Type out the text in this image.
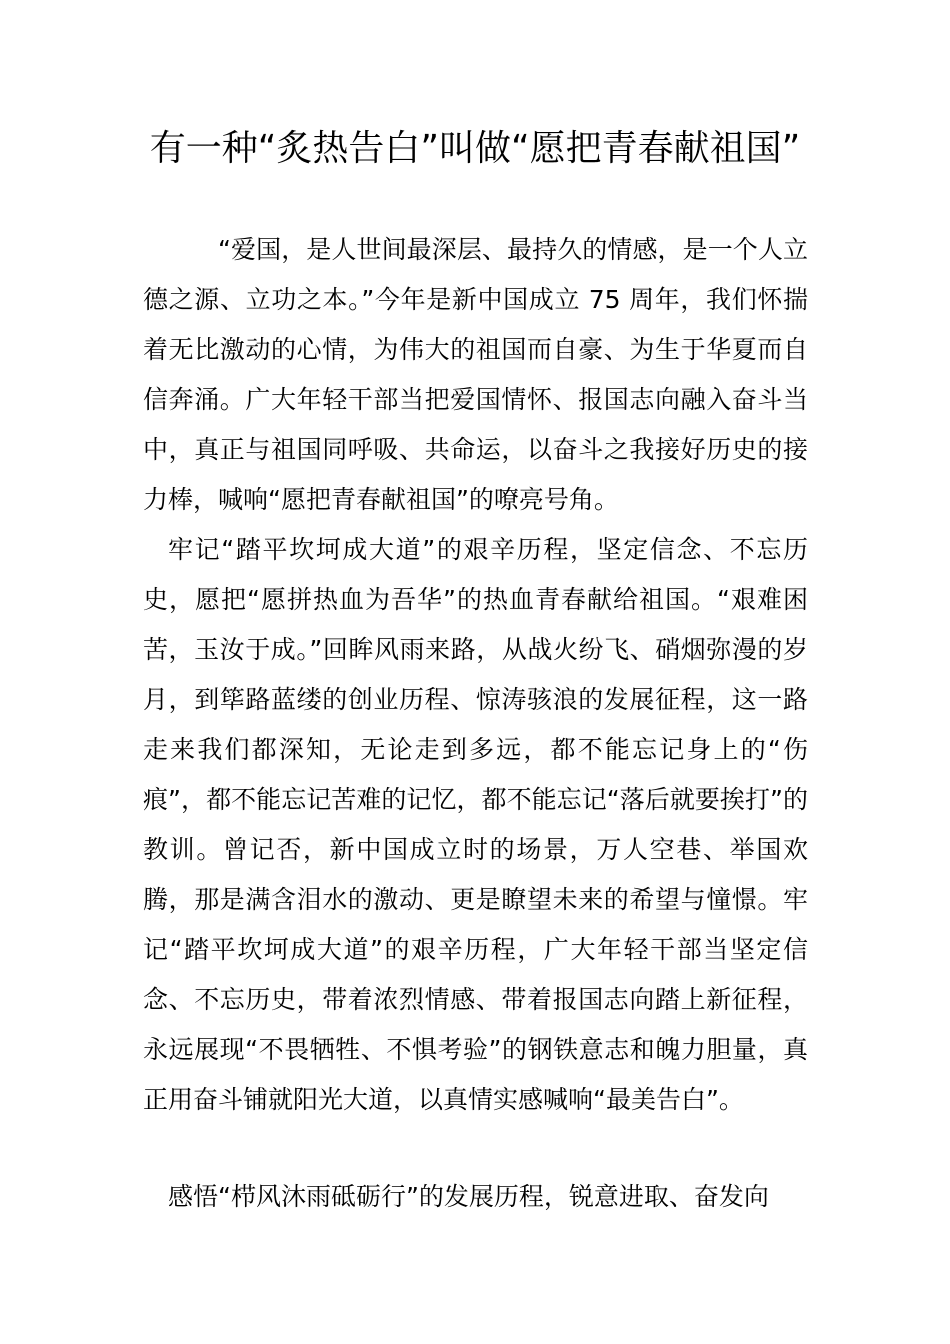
有一种“炙热告白”叫做“愿把青春献祖国”

“爱国，是人世间最深层、最持久的情感，是一个人立德之源、立功之本。”今年是新中国成立 75 周年，我们怀揣着无比激动的心情，为伟大的祖国而自豪、为生于华夏而自信奔涌。广大年轻干部当把爱国情怀、报国志向融入奋斗当中，真正与祖国同呼吸、共命运，以奋斗之我接好历史的接力棒，喊响“愿把青春献祖国”的嘹亮号角。

牢记“踏平坎坷成大道”的艰辛历程，坚定信念、不忘历史，愿把“愿拼热血为吾华”的热血青春献给祖国。“艰难困苦，玉汝于成。”回眸风雨来路，从战火纷飞、硝烟弥漫的岁月，到筚路蓝缕的创业历程、惊涛骇浪的发展征程，这一路走来我们都深知，无论走到多远，都不能忘记身上的“伤痕”，都不能忘记苦难的记忆，都不能忘记“落后就要挨打”的教训。曾记否，新中国成立时的场景，万人空巷、举国欢腾，那是满含泪水的激动、更是瞭望未来的希望与憧憬。牢记“踏平坎坷成大道”的艰辛历程，广大年轻干部当坚定信念、不忘历史，带着浓烈情感、带着报国志向踏上新征程，永远展现“不畏牺牲、不惧考验”的钢铁意志和魄力胆量，真正用奋斗铺就阳光大道，以真情实感喊响“最美告白”。

感悟“栉风沐雨砥砺行”的发展历程，锐意进取、奋发向
